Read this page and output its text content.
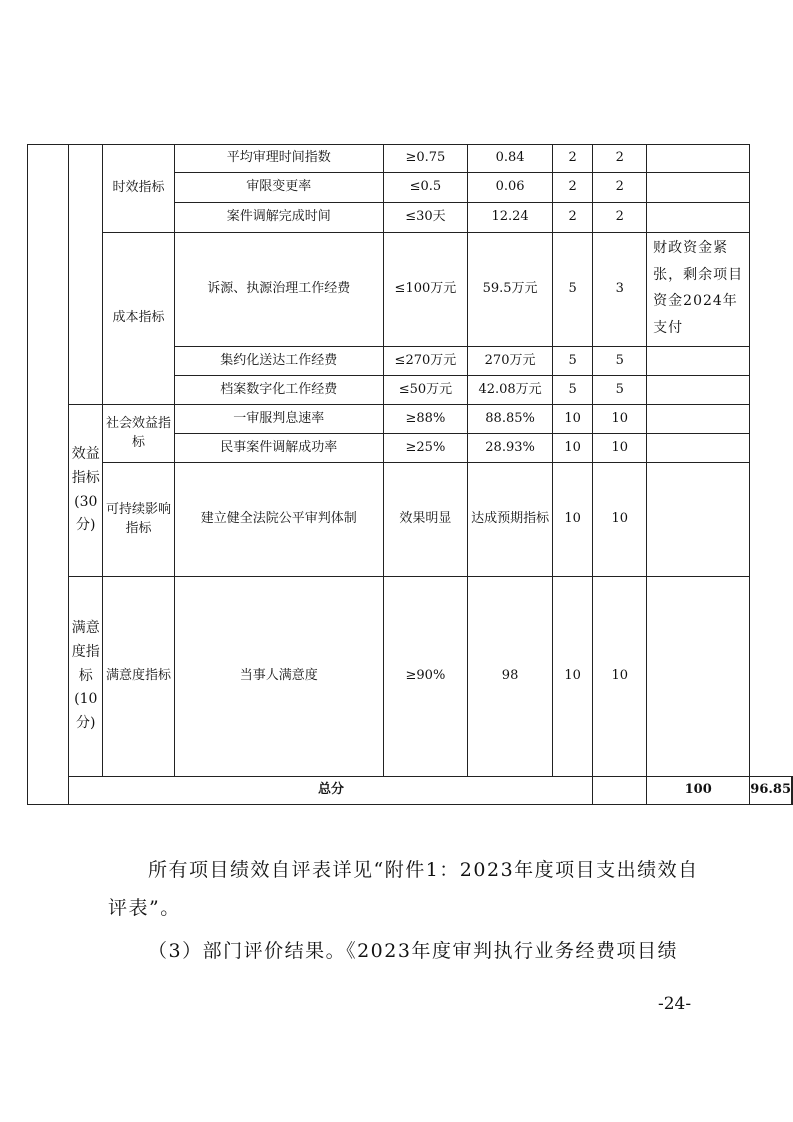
		时效指标	平均审理时间指数	≥0.75	0.84	2	2			
			审限变更率	≤0.5	0.06	2	2			
			案件调解完成时间	≤30天	12.24	2	2			
		成本指标	诉源、执源治理工作经费	≤100万元	59.5万元	5	3	财政资金紧张，剩余项目资金2024年支付		
			集约化送达工作经费	≤270万元	270万元	5	5			
			档案数字化工作经费	≤50万元	42.08万元	5	5			
	效益指标(30分)	社会效益指标	一审服判息速率	≥88%	88.85%	10	10			
			民事案件调解成功率	≥25%	28.93%	10	10			
		可持续影响指标	建立健全法院公平审判体制	效果明显	达成预期指标	10	10			
	满意度指标(10分)	满意度指标	当事人满意度	≥90%	98	10	10			
	总分							100	96.85	

所有项目绩效自评表详见“附件1：2023年度项目支出绩效自评表”。

（3）部门评价结果。《2023年度审判执行业务经费项目绩

-24-
